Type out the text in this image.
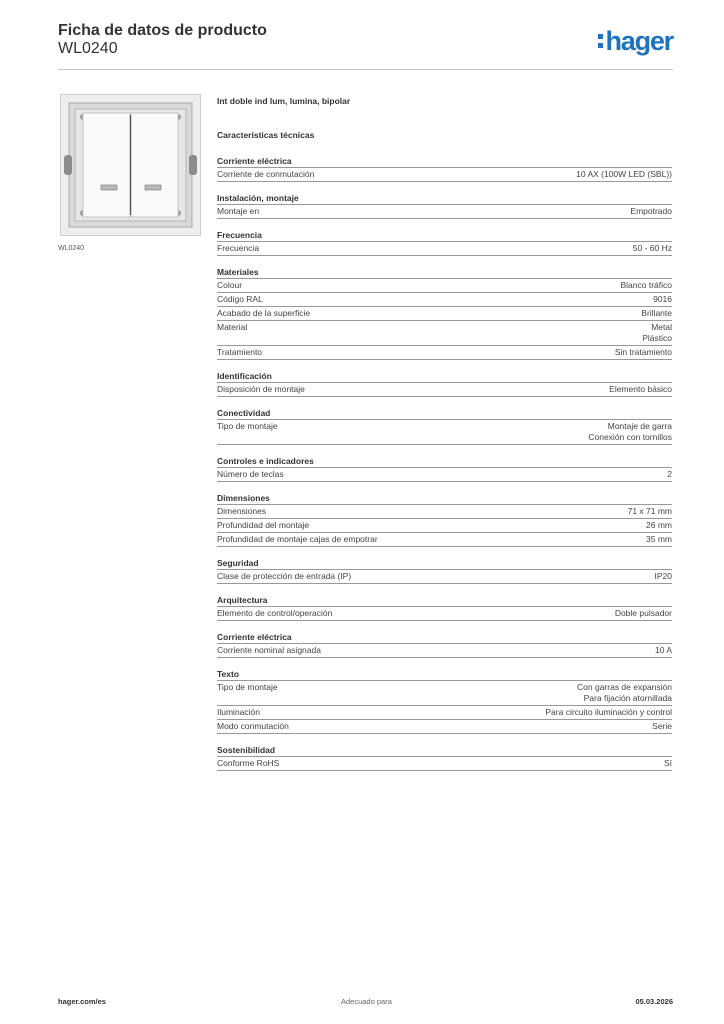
Ficha de datos de producto
WL0240	hager
WL0240
Int doble ind lum, lumina, bipolar
Características técnicas
Corriente eléctrica
Corriente de conmutación	10 AX (100W LED (SBL))
Instalación, montaje
Montaje en	Empotrado
Frecuencia
Frecuencia	50 - 60 Hz
Materiales
Colour	Blanco tráfico
Código RAL	9016
Acabado de la superficie	Brillante
Material	Metal
Plástico
Tratamiento	Sin tratamiento
Identificación
Disposición de montaje	Elemento básico
Conectividad
Tipo de montaje	Montaje de garra
Conexión con tornillos
Controles e indicadores
Número de teclas	2
Dimensiones
Dimensiones	71 x 71 mm
Profundidad del montaje	26 mm
Profundidad de montaje cajas de empotrar	35 mm
Seguridad
Clase de protección de entrada (IP)	IP20
Arquitectura
Elemento de control/operación	Doble pulsador
Corriente eléctrica
Corriente nominal asignada	10 A
Texto
Tipo de montaje	Con garras de expansión
Para fijación atornillada
Iluminación	Para circuito iluminación y control
Modo conmutación	Serie
Sostenibilidad
Conforme RoHS	Sí
hager.com/es	Adecuado para	05.03.2026
